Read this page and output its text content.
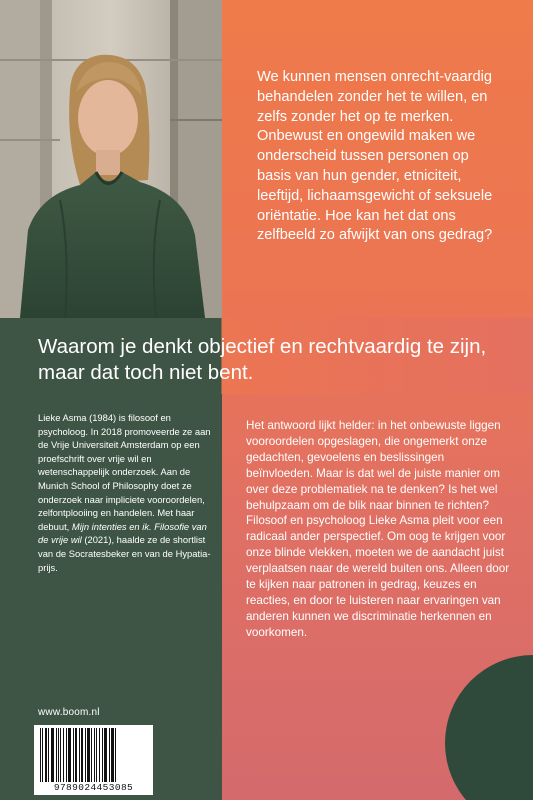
We kunnen mensen onrecht-vaardig behandelen zonder het te willen, en zelfs zonder het op te merken. Onbewust en ongewild maken we onderscheid tussen personen op basis van hun gender, etniciteit, leeftijd, lichaamsgewicht of seksuele oriëntatie. Hoe kan het dat ons zelfbeeld zo afwijkt van ons gedrag?

Waarom je denkt objectief en rechtvaardig te zijn, maar dat toch niet bent.

Lieke Asma (1984) is filosoof en psycholoog. In 2018 promoveerde ze aan de Vrije Universiteit Amsterdam op een proefschrift over vrije wil en wetenschappelijk onderzoek. Aan de Munich School of Philosophy doet ze onderzoek naar impliciete vooroordelen, zelfontplooiing en handelen. Met haar debuut, Mijn intenties en ik. Filosofie van de vrije wil (2021), haalde ze de shortlist van de Socratesbeker en van de Hypatia-prijs.

Het antwoord lijkt helder: in het onbewuste liggen vooroordelen opgeslagen, die ongemerkt onze gedachten, gevoelens en beslissingen beïnvloeden. Maar is dat wel de juiste manier om over deze problematiek na te denken? Is het wel behulpzaam om de blik naar binnen te richten? Filosoof en psycholoog Lieke Asma pleit voor een radicaal ander perspectief. Om oog te krijgen voor onze blinde vlekken, moeten we de aandacht juist verplaatsen naar de wereld buiten ons. Alleen door te kijken naar patronen in gedrag, keuzes en reacties, en door te luisteren naar ervaringen van anderen kunnen we discriminatie herkennen en voorkomen.

www.boom.nl
9789024453085
